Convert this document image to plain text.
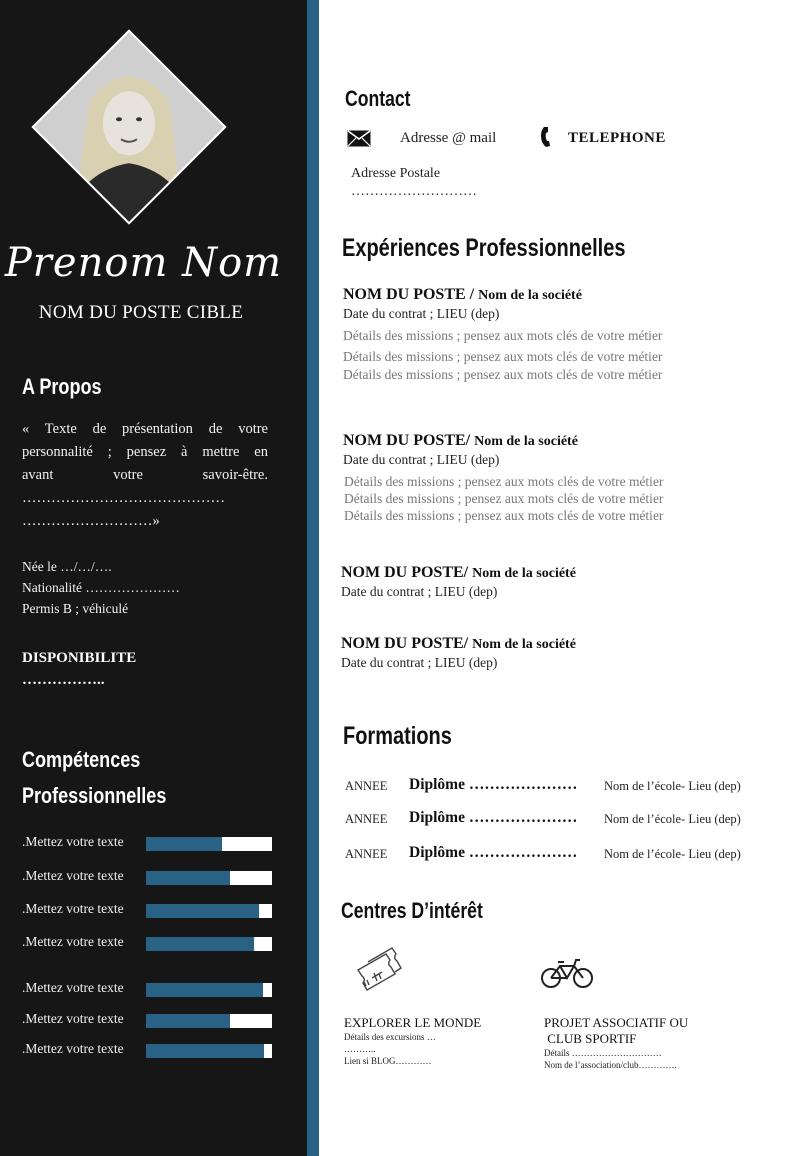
Prenom Nom
NOM DU POSTE CIBLE
A Propos
« Texte de présentation de votre
personnalité ; pensez à mettre en
avant votre savoir-être.
……………………………………
………………………»
Née le …/…/….
Nationalité …………………
Permis B ; véhiculé
DISPONIBILITE
……………..
Compétences
Professionnelles
.Mettez votre texte
.Mettez votre texte
.Mettez votre texte
.Mettez votre texte
.Mettez votre texte
.Mettez votre texte
.Mettez votre texte
Contact
Adresse @ mail	TELEPHONE
Adresse Postale
………………………
Expériences Professionnelles
NOM DU POSTE / Nom de la société
Date du contrat ; LIEU (dep)
Détails des missions ; pensez aux mots clés de votre métier
Détails des missions ; pensez aux mots clés de votre métier
Détails des missions ; pensez aux mots clés de votre métier
NOM DU POSTE/ Nom de la société
Date du contrat ; LIEU (dep)
Détails des missions ; pensez aux mots clés de votre métier
Détails des missions ; pensez aux mots clés de votre métier
Détails des missions ; pensez aux mots clés de votre métier
NOM DU POSTE/ Nom de la société
Date du contrat ; LIEU (dep)
NOM DU POSTE/ Nom de la société
Date du contrat ; LIEU (dep)
Formations
ANNEE Diplôme ………………… Nom de l’école- Lieu (dep)
ANNEE Diplôme ………………… Nom de l’école- Lieu (dep)
ANNEE Diplôme ………………… Nom de l’école- Lieu (dep)
Centres D’intérêt
EXPLORER LE MONDE
Détails des excursions …
………..
Lien si BLOG…………
PROJET ASSOCIATIF OU
CLUB SPORTIF
Détails …………………………
Nom de l’association/club………….
